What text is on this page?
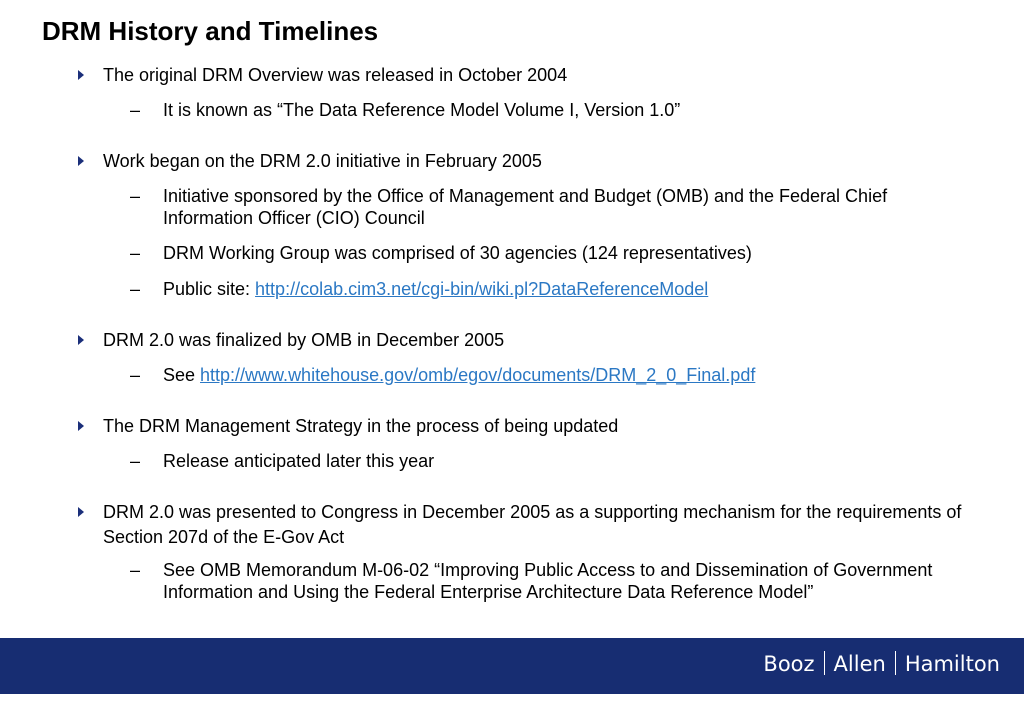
DRM History and Timelines
The original DRM Overview was released in October 2004
– It is known as “The Data Reference Model Volume I, Version 1.0”
Work began on the DRM 2.0 initiative in February 2005
– Initiative sponsored by the Office of Management and Budget (OMB) and the Federal Chief Information Officer (CIO) Council
– DRM Working Group was comprised of 30 agencies (124 representatives)
– Public site: http://colab.cim3.net/cgi-bin/wiki.pl?DataReferenceModel
DRM 2.0 was finalized by OMB in December 2005
– See http://www.whitehouse.gov/omb/egov/documents/DRM_2_0_Final.pdf
The DRM Management Strategy in the process of being updated
– Release anticipated later this year
DRM 2.0 was presented to Congress in December 2005 as a supporting mechanism for the requirements of Section 207d of the E-Gov Act
– See OMB Memorandum M-06-02 “Improving Public Access to and Dissemination of Government Information and Using the Federal Enterprise Architecture Data Reference Model”
Booz Allen Hamilton
